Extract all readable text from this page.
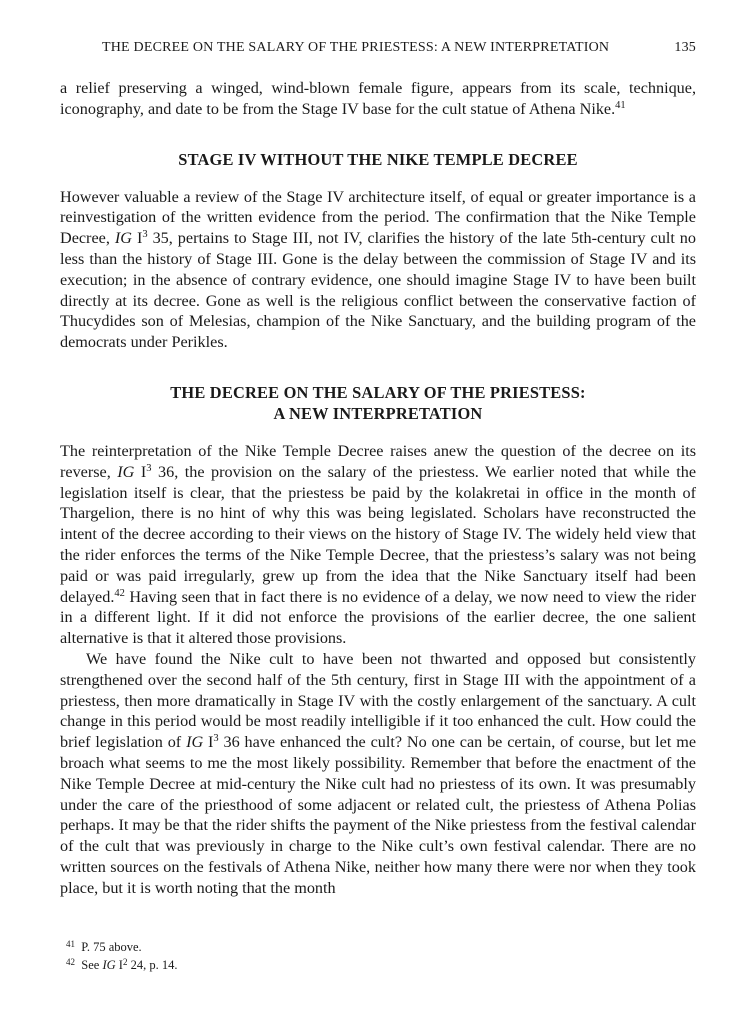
THE DECREE ON THE SALARY OF THE PRIESTESS: A NEW INTERPRETATION	135

a relief preserving a winged, wind-blown female figure, appears from its scale, technique, iconography, and date to be from the Stage IV base for the cult statue of Athena Nike.$^{41}$

STAGE IV WITHOUT THE NIKE TEMPLE DECREE

However valuable a review of the Stage IV architecture itself, of equal or greater importance is a reinvestigation of the written evidence from the period. The confirmation that the Nike Temple Decree, IG $I^3$ 35, pertains to Stage III, not IV, clarifies the history of the late 5th-century cult no less than the history of Stage III. Gone is the delay between the commission of Stage IV and its execution; in the absence of contrary evidence, one should imagine Stage IV to have been built directly at its decree. Gone as well is the religious conflict between the conservative faction of Thucydides son of Melesias, champion of the Nike Sanctuary, and the building program of the democrats under Perikles.

THE DECREE ON THE SALARY OF THE PRIESTESS:
A NEW INTERPRETATION

The reinterpretation of the Nike Temple Decree raises anew the question of the decree on its reverse, IG $I^3$ 36, the provision on the salary of the priestess. We earlier noted that while the legislation itself is clear, that the priestess be paid by the kolakretai in office in the month of Thargelion, there is no hint of why this was being legislated. Scholars have reconstructed the intent of the decree according to their views on the history of Stage IV. The widely held view that the rider enforces the terms of the Nike Temple Decree, that the priestess’s salary was not being paid or was paid irregularly, grew up from the idea that the Nike Sanctuary itself had been delayed.$^{42}$ Having seen that in fact there is no evidence of a delay, we now need to view the rider in a different light. If it did not enforce the provisions of the earlier decree, the one salient alternative is that it altered those provisions.

We have found the Nike cult to have been not thwarted and opposed but consistently strengthened over the second half of the 5th century, first in Stage III with the appointment of a priestess, then more dramatically in Stage IV with the costly enlargement of the sanctuary. A cult change in this period would be most readily intelligible if it too enhanced the cult. How could the brief legislation of IG $I^3$ 36 have enhanced the cult? No one can be certain, of course, but let me broach what seems to me the most likely possibility. Remember that before the enactment of the Nike Temple Decree at mid-century the Nike cult had no priestess of its own. It was presumably under the care of the priesthood of some adjacent or related cult, the priestess of Athena Polias perhaps. It may be that the rider shifts the payment of the Nike priestess from the festival calendar of the cult that was previously in charge to the Nike cult’s own festival calendar. There are no written sources on the festivals of Athena Nike, neither how many there were nor when they took place, but it is worth noting that the month

$^{41}$ P. 75 above.
$^{42}$ See IG $I^2$ 24, p. 14.
